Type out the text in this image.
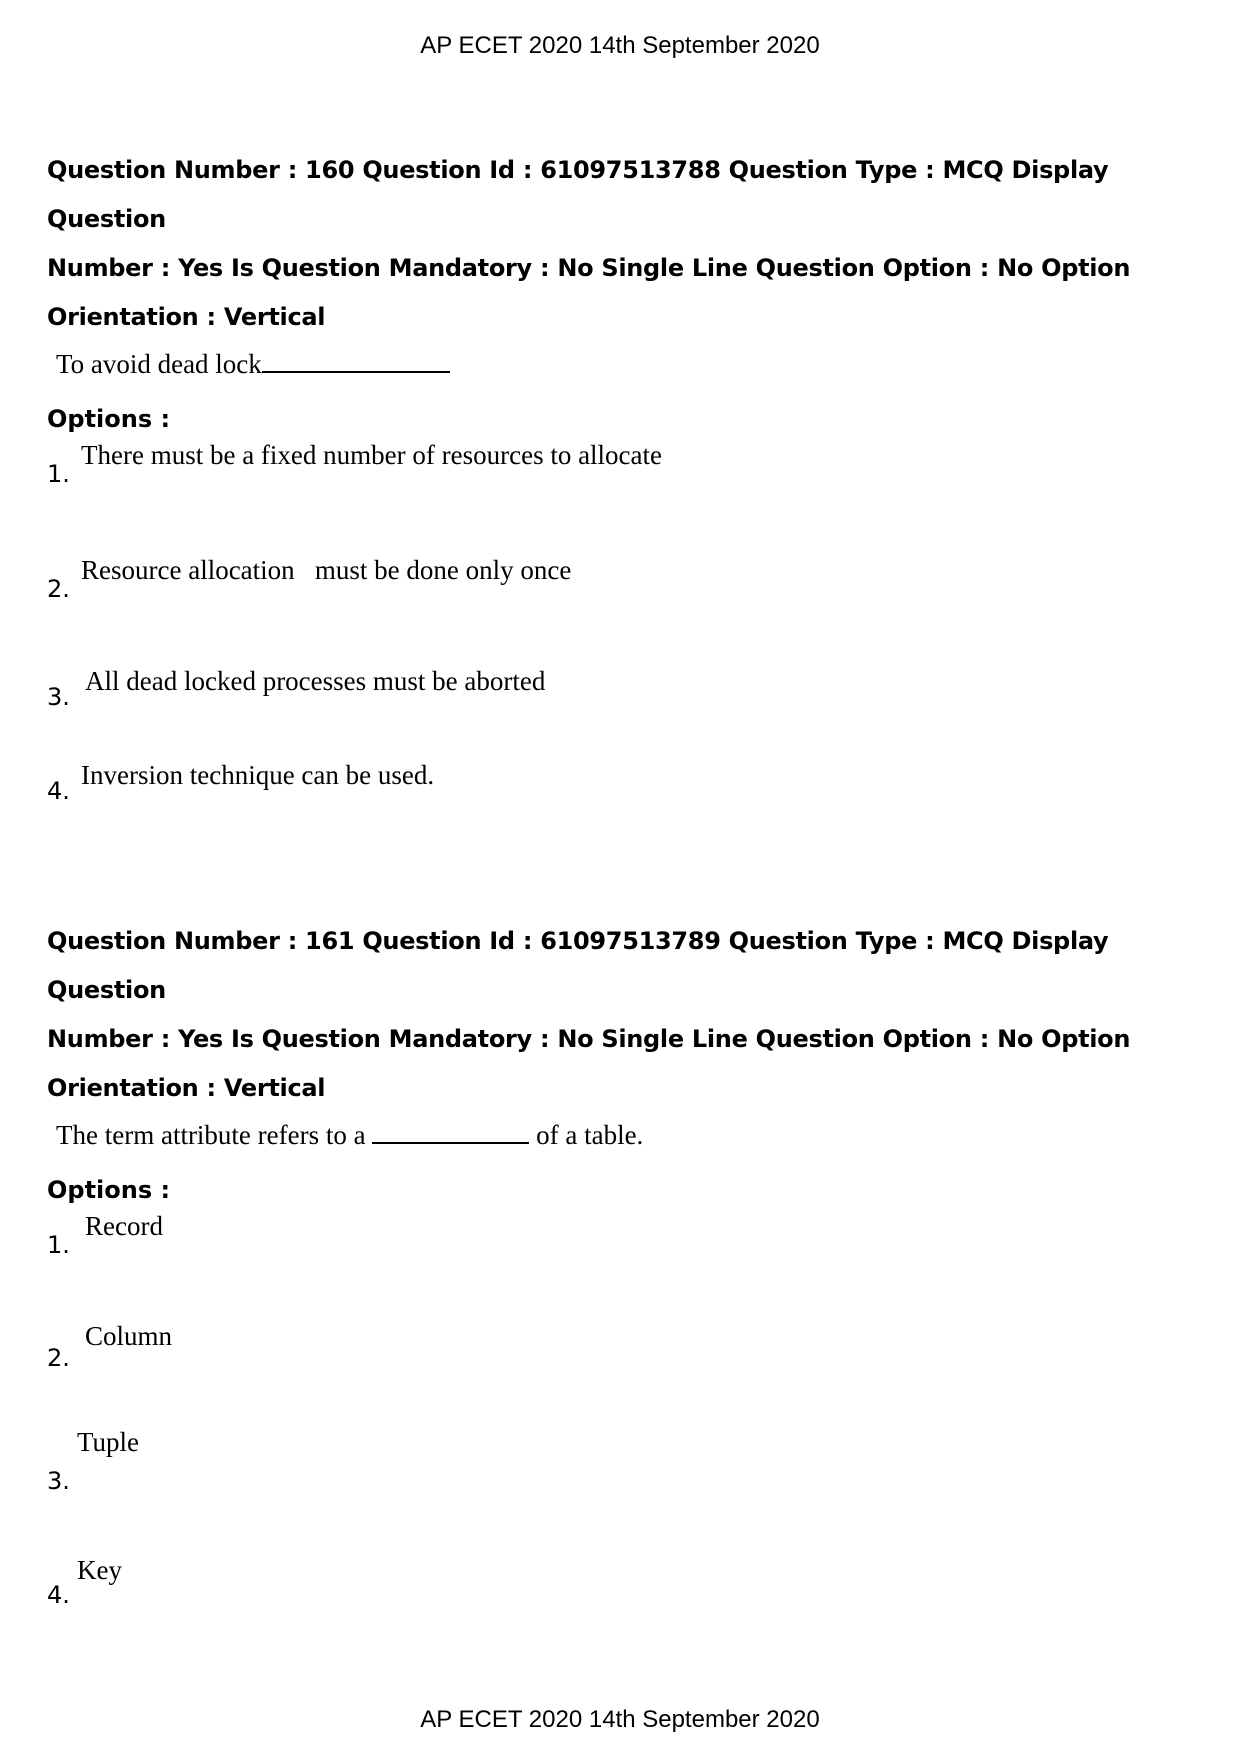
AP ECET 2020 14th September 2020

Question Number : 160 Question Id : 61097513788 Question Type : MCQ Display Question

Number : Yes Is Question Mandatory : No Single Line Question Option : No Option

Orientation : Vertical

To avoid dead lock
Options :
1.
There must be a fixed number of resources to allocate
2.
Resource allocation   must be done only once
3.
All dead locked processes must be aborted
4.
Inversion technique can be used.

Question Number : 161 Question Id : 61097513789 Question Type : MCQ Display Question

Number : Yes Is Question Mandatory : No Single Line Question Option : No Option

Orientation : Vertical

The term attribute refers to a	of a table.
Options :
1.
Record
2.
Column
3.
Tuple
4.
Key
AP ECET 2020 14th September 2020
